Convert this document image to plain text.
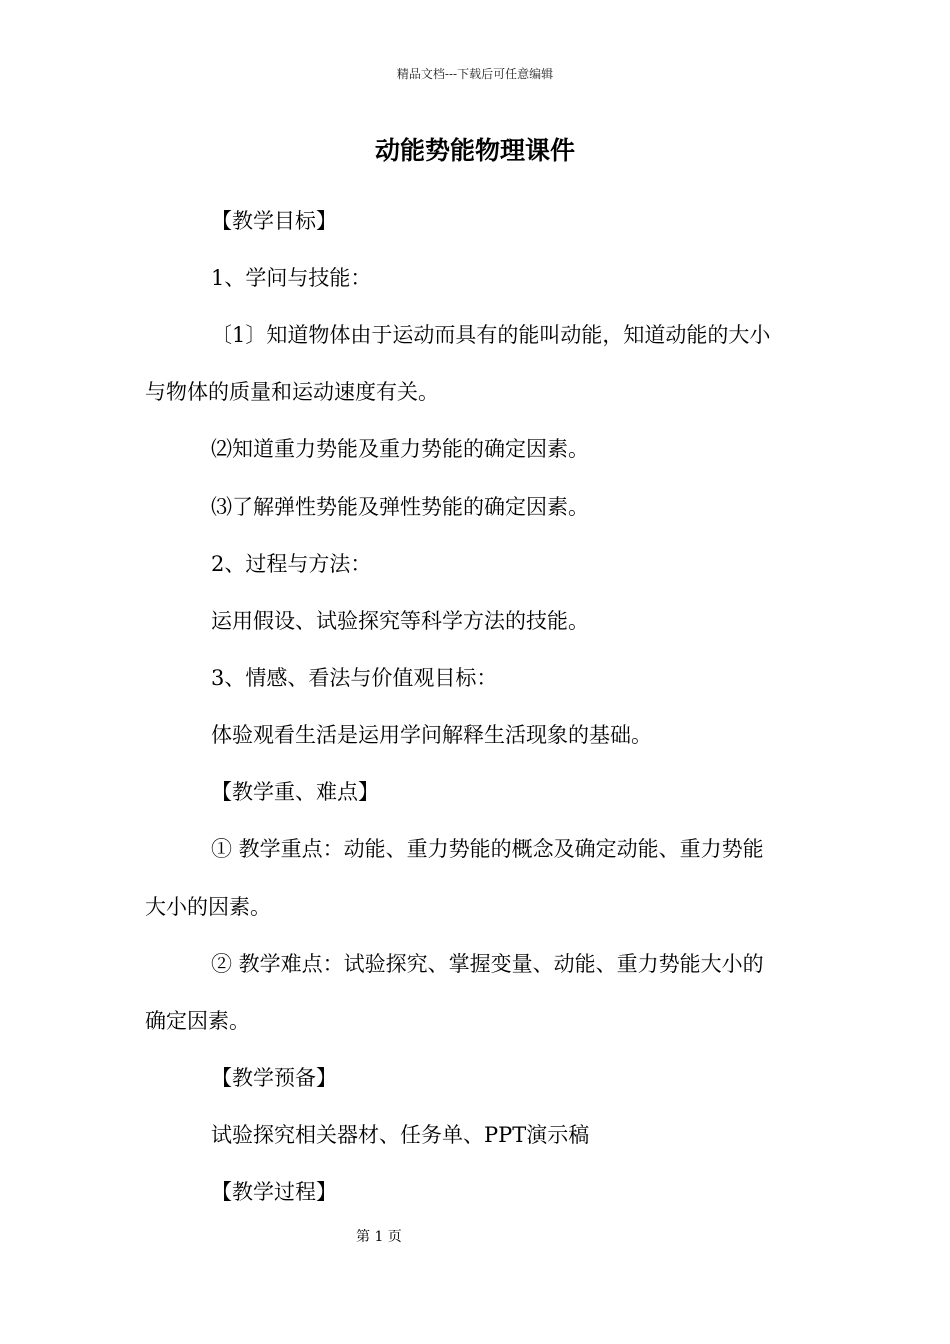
精品文档---下载后可任意编辑
动能势能物理课件
【教学目标】
1、学问与技能：
〔1〕知道物体由于运动而具有的能叫动能，知道动能的大小
与物体的质量和运动速度有关。
⑵知道重力势能及重力势能的确定因素。
⑶了解弹性势能及弹性势能的确定因素。
2、过程与方法：
运用假设、试验探究等科学方法的技能。
3、情感、看法与价值观目标：
体验观看生活是运用学问解释生活现象的基础。
【教学重、难点】
① 教学重点：动能、重力势能的概念及确定动能、重力势能
大小的因素。
② 教学难点：试验探究、掌握变量、动能、重力势能大小的
确定因素。
【教学预备】
试验探究相关器材、任务单、PPT演示稿
【教学过程】
第 1 页
